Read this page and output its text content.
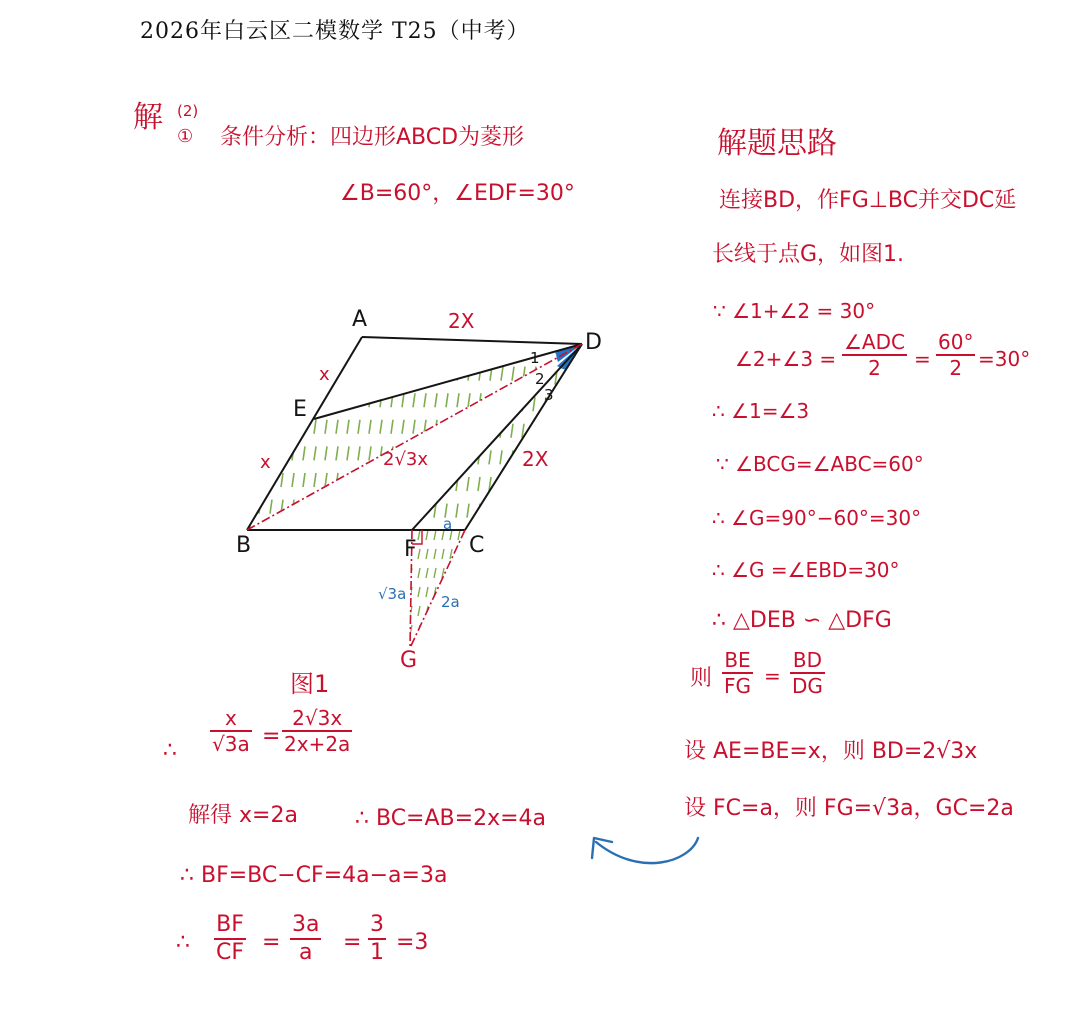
2026年白云区二模数学 T25（中考）
解 (2)
① 条件分析：四边形ABCD为菱形
∠B=60°，∠EDF=30°
A
D
E
B	F C
G
2X
x
x	2√3x	2X
a
√3a 2a
1
2
3
图1
∴
x
√3a =
2√3x
2x+2a
解得 x=2a	∴ BC=AB=2x=4a
∴ BF=BC−CF=4a−a=3a
∴
BF
CF =
3a
a =
3
1 =3
解题思路
连接BD，作FG⊥BC并交DC延
长线于点G，如图1.
∵ ∠1+∠2 = 30°
∠2+∠3 =
∠ADC
2 =
60°
2 =30°
∴ ∠1=∠3
∵ ∠BCG=∠ABC=60°
∴ ∠G=90°−60°=30°
∴ ∠G =∠EBD=30°
∴ △DEB ∽ △DFG
则
BE
FG =
BD
DG
设 AE=BE=x，则 BD=2√3x
设 FC=a，则 FG=√3a，GC=2a
